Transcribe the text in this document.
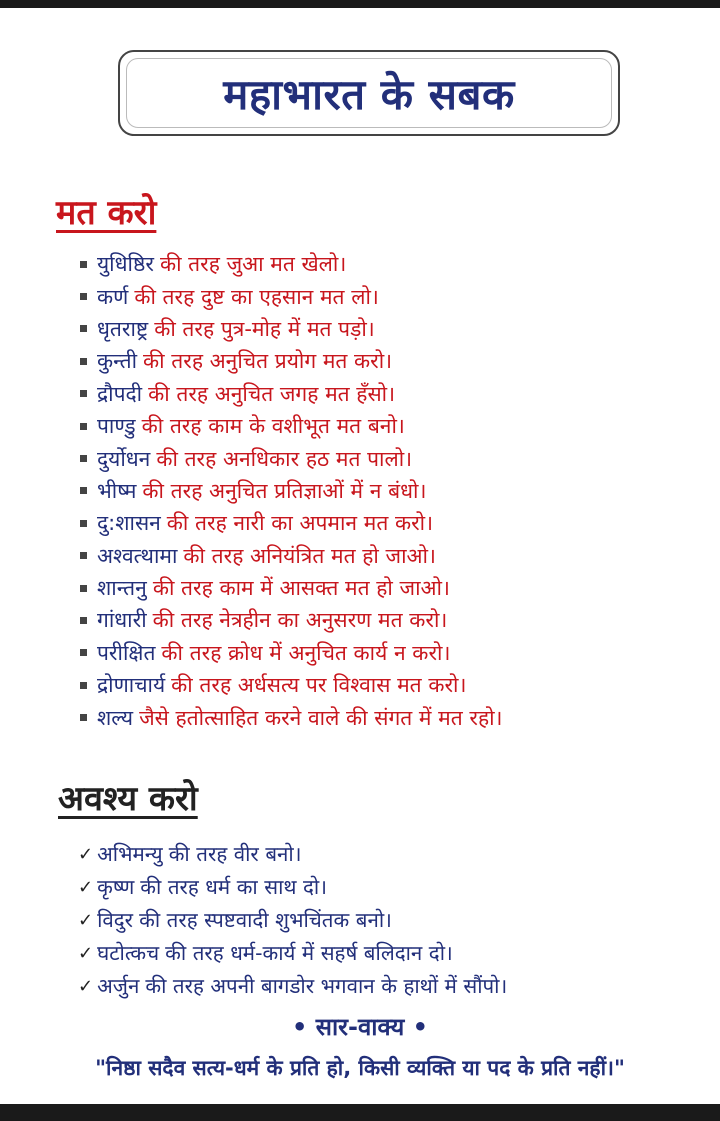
महाभारत के सबक
मत करो
युधिष्ठिर की तरह जुआ मत खेलो।
कर्ण की तरह दुष्ट का एहसान मत लो।
धृतराष्ट्र की तरह पुत्र-मोह में मत पड़ो।
कुन्ती की तरह अनुचित प्रयोग मत करो।
द्रौपदी की तरह अनुचित जगह मत हँसो।
पाण्डु की तरह काम के वशीभूत मत बनो।
दुर्योधन की तरह अनधिकार हठ मत पालो।
भीष्म की तरह अनुचित प्रतिज्ञाओं में न बंधो।
दु:शासन की तरह नारी का अपमान मत करो।
अश्वत्थामा की तरह अनियंत्रित मत हो जाओ।
शान्तनु की तरह काम में आसक्त मत हो जाओ।
गांधारी की तरह नेत्रहीन का अनुसरण मत करो।
परीक्षित की तरह क्रोध में अनुचित कार्य न करो।
द्रोणाचार्य की तरह अर्धसत्य पर विश्वास मत करो।
शल्य जैसे हतोत्साहित करने वाले की संगत में मत रहो।
अवश्य करो
✓ अभिमन्यु की तरह वीर बनो।
✓ कृष्ण की तरह धर्म का साथ दो।
✓ विदुर की तरह स्पष्टवादी शुभचिंतक बनो।
✓ घटोत्कच की तरह धर्म-कार्य में सहर्ष बलिदान दो।
✓ अर्जुन की तरह अपनी बागडोर भगवान के हाथों में सौंपो।
• सार-वाक्य •
"निष्ठा सदैव सत्य-धर्म के प्रति हो, किसी व्यक्ति या पद के प्रति नहीं।"
